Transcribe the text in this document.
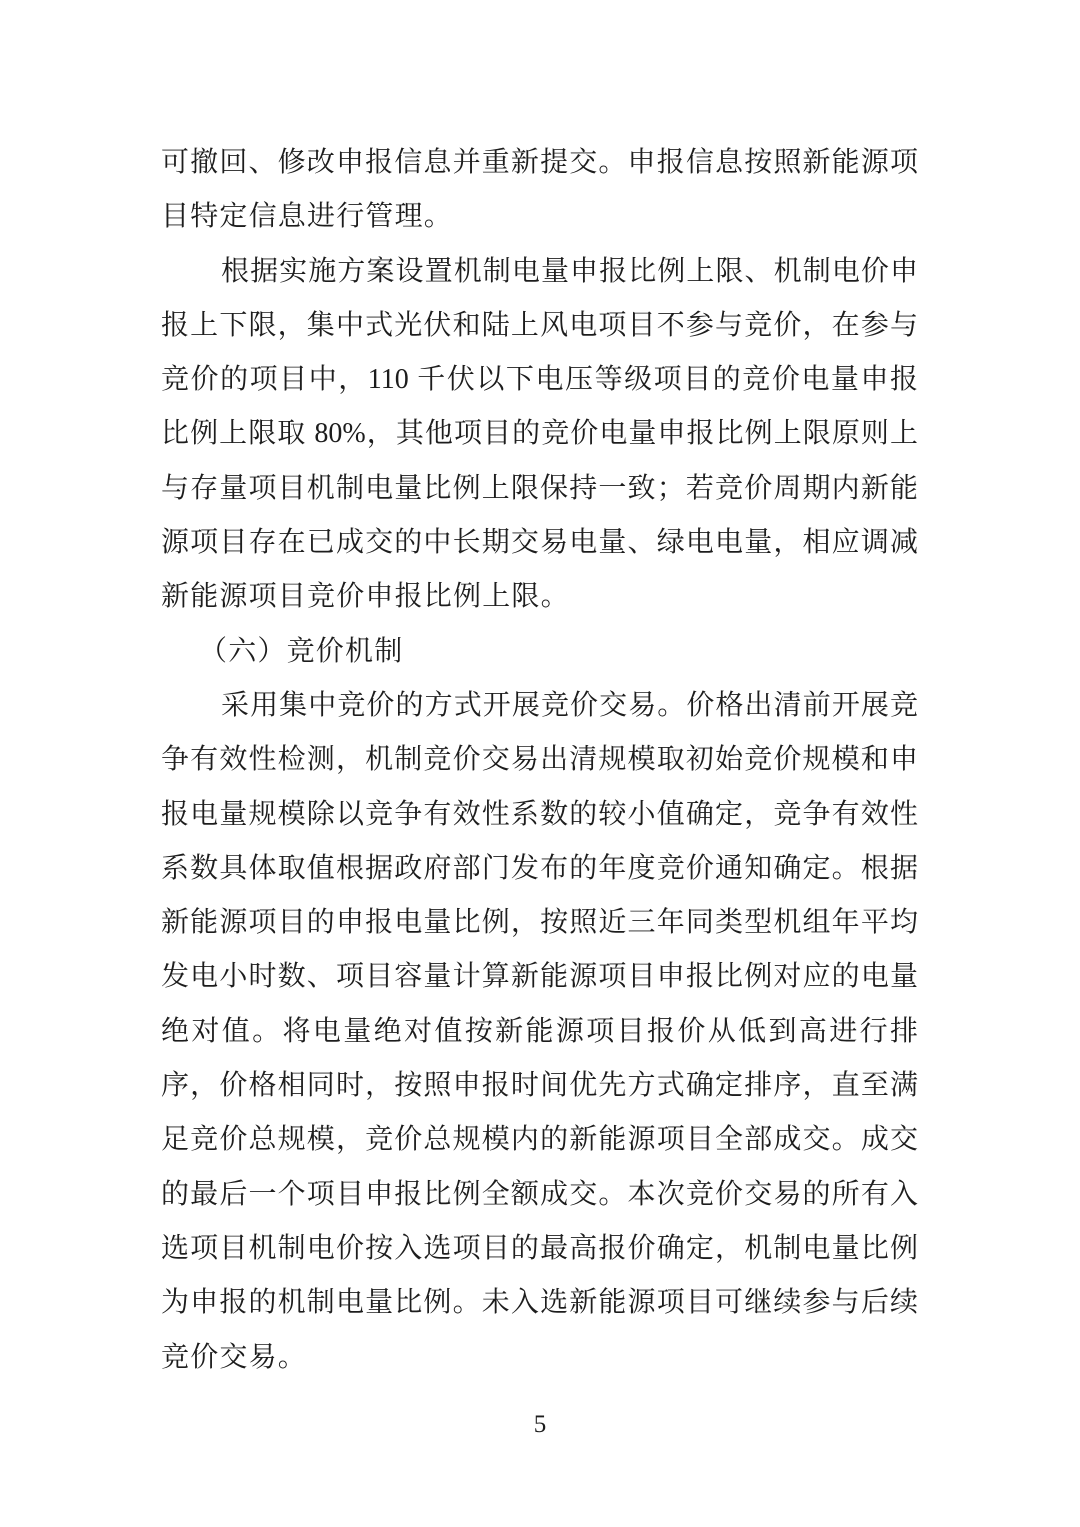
可撤回、修改申报信息并重新提交。申报信息按照新能源项
目特定信息进行管理。
根据实施方案设置机制电量申报比例上限、机制电价申
报上下限，集中式光伏和陆上风电项目不参与竞价，在参与
竞价的项目中，110 千伏以下电压等级项目的竞价电量申报
比例上限取 80%，其他项目的竞价电量申报比例上限原则上
与存量项目机制电量比例上限保持一致；若竞价周期内新能
源项目存在已成交的中长期交易电量、绿电电量，相应调减
新能源项目竞价申报比例上限。
（六）竞价机制
采用集中竞价的方式开展竞价交易。价格出清前开展竞
争有效性检测，机制竞价交易出清规模取初始竞价规模和申
报电量规模除以竞争有效性系数的较小值确定，竞争有效性
系数具体取值根据政府部门发布的年度竞价通知确定。根据
新能源项目的申报电量比例，按照近三年同类型机组年平均
发电小时数、项目容量计算新能源项目申报比例对应的电量
绝对值。将电量绝对值按新能源项目报价从低到高进行排
序，价格相同时，按照申报时间优先方式确定排序，直至满
足竞价总规模，竞价总规模内的新能源项目全部成交。成交
的最后一个项目申报比例全额成交。本次竞价交易的所有入
选项目机制电价按入选项目的最高报价确定，机制电量比例
为申报的机制电量比例。未入选新能源项目可继续参与后续
竞价交易。
5
